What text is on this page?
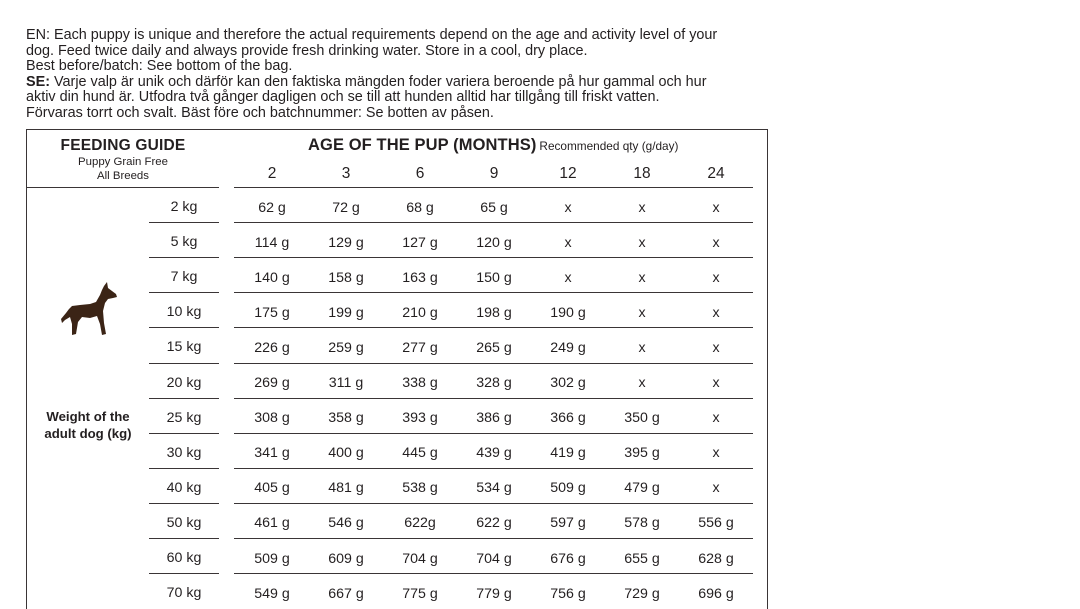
EN: Each puppy is unique and therefore the actual requirements depend on the age and activity level of your

dog. Feed twice daily and always provide fresh drinking water. Store in a cool, dry place.

Best before/batch: See bottom of the bag.

SE: Varje valp är unik och därför kan den faktiska mängden foder variera beroende på hur gammal och hur

aktiv din hund är. Utfodra två gånger dagligen och se till att hunden alltid har tillgång till friskt vatten.

Förvaras torrt och svalt. Bäst före och batchnummer: Se botten av påsen.

FEEDING GUIDE
Puppy Grain Free
All Breeds
AGE OF THE PUP (MONTHS) Recommended qty (g/day)
Weight of the
adult dog (kg)
2	3	6	9	12	18	24
2 kg	62 g	72 g	68 g	65 g	x	x	x
5 kg	114 g	129 g	127 g	120 g	x	x	x
7 kg	140 g	158 g	163 g	150 g	x	x	x
10 kg	175 g	199 g	210 g	198 g	190 g	x	x
15 kg	226 g	259 g	277 g	265 g	249 g	x	x
20 kg	269 g	311 g	338 g	328 g	302 g	x	x
25 kg	308 g	358 g	393 g	386 g	366 g	350 g	x
30 kg	341 g	400 g	445 g	439 g	419 g	395 g	x
40 kg	405 g	481 g	538 g	534 g	509 g	479 g	x
50 kg	461 g	546 g	622g	622 g	597 g	578 g	556 g
60 kg	509 g	609 g	704 g	704 g	676 g	655 g	628 g
70 kg	549 g	667 g	775 g	779 g	756 g	729 g	696 g
